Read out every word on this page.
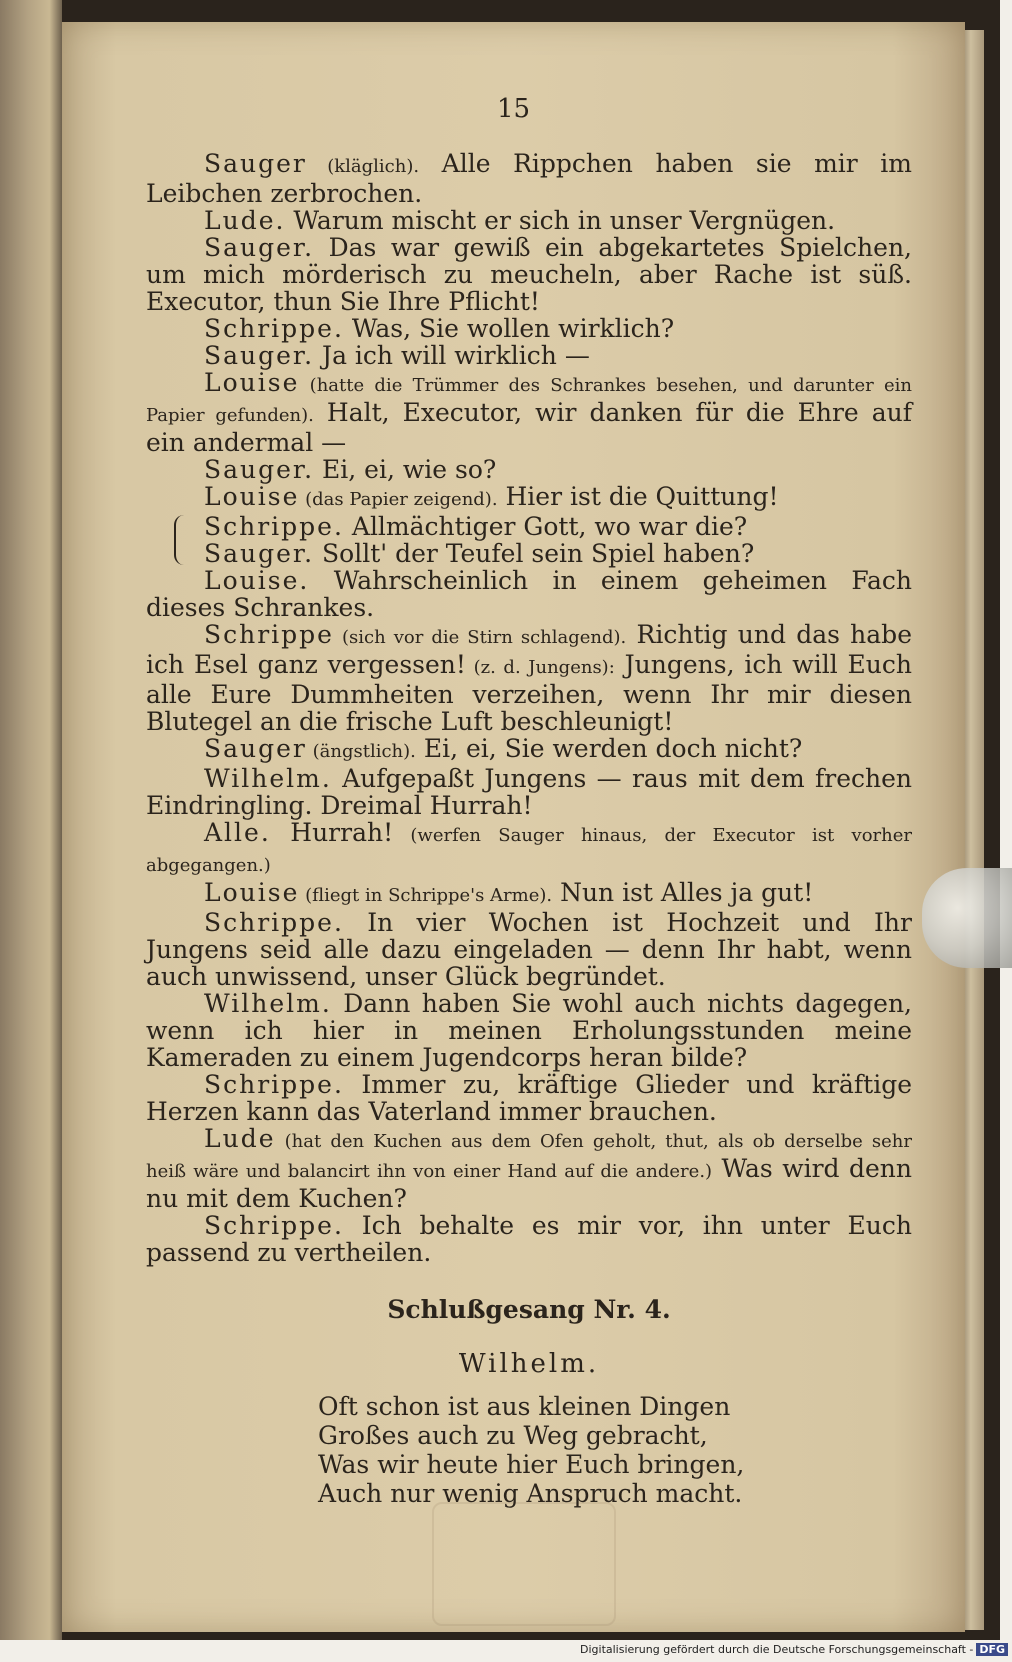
15
Sauger (kläglich). Alle Rippchen haben sie mir im Leibchen zerbrochen.
Lude. Warum mischt er sich in unser Vergnügen.
Sauger. Das war gewiß ein abgekartetes Spielchen, um mich mörderisch zu meucheln, aber Rache ist süß. Executor, thun Sie Ihre Pflicht!
Schrippe. Was, Sie wollen wirklich?
Sauger. Ja ich will wirklich —
Louise (hatte die Trümmer des Schrankes besehen, und darunter ein Papier gefunden). Halt, Executor, wir danken für die Ehre auf ein andermal —
Sauger. Ei, ei, wie so?
Louise (das Papier zeigend). Hier ist die Quittung!
Schrippe. Allmächtiger Gott, wo war die?
Sauger. Sollt' der Teufel sein Spiel haben?
Louise. Wahrscheinlich in einem geheimen Fach dieses Schrankes.
Schrippe (sich vor die Stirn schlagend). Richtig und das habe ich Esel ganz vergessen! (z. d. Jungens): Jungens, ich will Euch alle Eure Dummheiten verzeihen, wenn Ihr mir diesen Blutegel an die frische Luft beschleunigt!
Sauger (ängstlich). Ei, ei, Sie werden doch nicht?
Wilhelm. Aufgepaßt Jungens — raus mit dem frechen Eindringling. Dreimal Hurrah!
Alle. Hurrah! (werfen Sauger hinaus, der Executor ist vorher abgegangen.)
Louise (fliegt in Schrippe's Arme). Nun ist Alles ja gut!
Schrippe. In vier Wochen ist Hochzeit und Ihr Jungens seid alle dazu eingeladen — denn Ihr habt, wenn auch unwissend, unser Glück begründet.
Wilhelm. Dann haben Sie wohl auch nichts dagegen, wenn ich hier in meinen Erholungsstunden meine Kameraden zu einem Jugendcorps heran bilde?
Schrippe. Immer zu, kräftige Glieder und kräftige Herzen kann das Vaterland immer brauchen.
Lude (hat den Kuchen aus dem Ofen geholt, thut, als ob derselbe sehr heiß wäre und balancirt ihn von einer Hand auf die andere.) Was wird denn nu mit dem Kuchen?
Schrippe. Ich behalte es mir vor, ihn unter Euch passend zu vertheilen.
Schlußgesang Nr. 4.
Wilhelm.
Oft schon ist aus kleinen Dingen
Großes auch zu Weg gebracht,
Was wir heute hier Euch bringen,
Auch nur wenig Anspruch macht.
Digitalisierung gefördert durch die Deutsche Forschungsgemeinschaft - DFG
